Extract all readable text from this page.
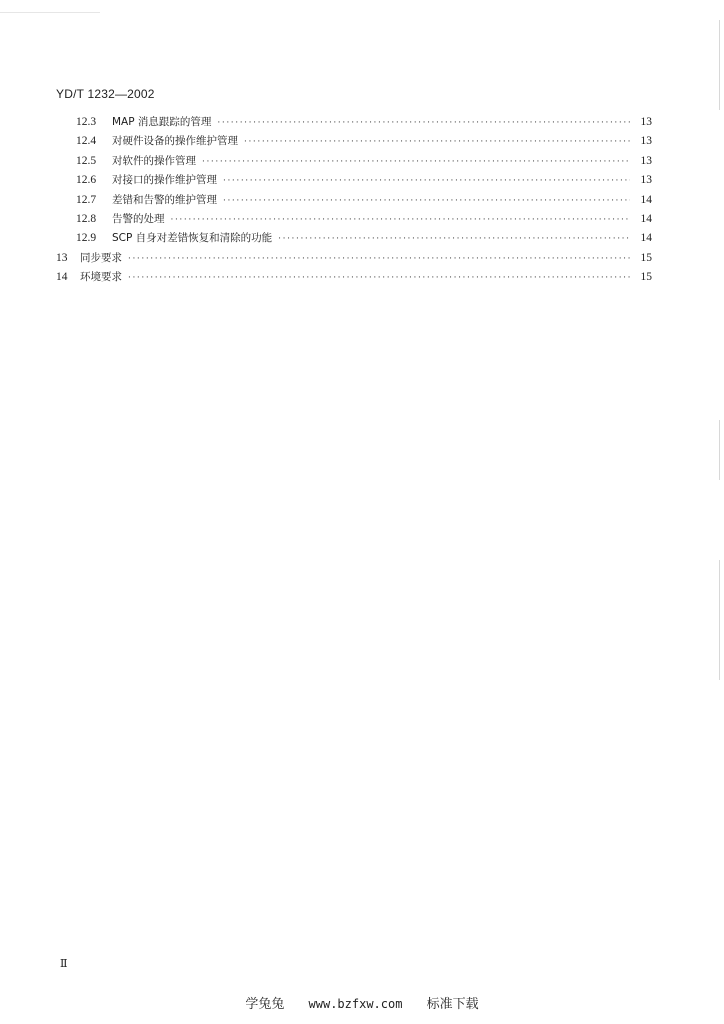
YD/T 1232—2002
12.3	MAP 消息跟踪的管理 ·····	13
12.4	对硬件设备的操作维护管理 ·····	13
12.5	对软件的操作管理 ·····	13
12.6	对接口的操作维护管理 ·····	13
12.7	差错和告警的维护管理 ·····	14
12.8	告警的处理 ·····	14
12.9	SCP 自身对差错恢复和清除的功能 ·····	14
13	同步要求 ·····	15
14	环境要求 ·····	15
Ⅱ
学兔兔 www.bzfxw.com 标准下载
